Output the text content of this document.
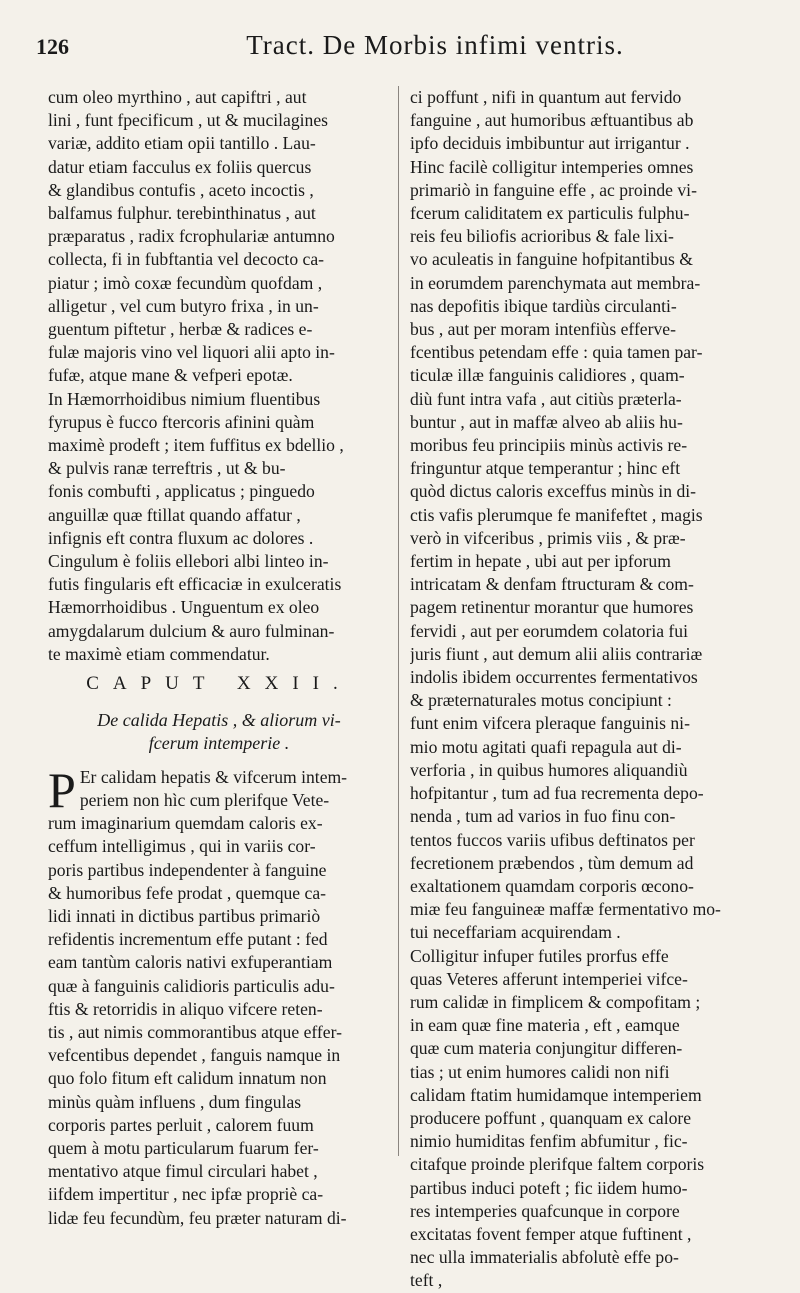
126	Tract. De Morbis infimi ventris.
cum oleo myrthino , aut capiftri , aut
lini , funt fpecificum , ut & mucilagines
variæ, addito etiam opii tantillo . Lau-
datur etiam facculus ex foliis quercus
& glandibus contufis , aceto incoctis ,
balfamus fulphur. terebinthinatus , aut
præparatus , radix fcrophulariæ antumno
collecta, fi in fubftantia vel decocto ca-
piatur ; imò coxæ fecundùm quofdam ,
alligetur , vel cum butyro frixa , in un-
guentum piftetur , herbæ & radices e-
fulæ majoris vino vel liquori alii apto in-
fufæ, atque mane & vefperi epotæ.
In Hæmorrhoidibus nimium fluentibus
fyrupus è fucco ftercoris afinini quàm
maximè prodeft ; item fuffitus ex bdellio ,
& pulvis ranæ terreftris , ut & bu-
fonis combufti , applicatus ; pinguedo
anguillæ quæ ftillat quando affatur ,
infignis eft contra fluxum ac dolores .
Cingulum è foliis ellebori albi linteo in-
futis fingularis eft efficaciæ in exulceratis
Hæmorrhoidibus . Unguentum ex oleo
amygdalarum dulcium & auro fulminan-
te maximè etiam commendatur.
CAPUT XXII.
De calida Hepatis , & aliorum vi-
fcerum intemperie .
P Er calidam hepatis & vifcerum intem-
periem non hìc cum plerifque Vete-
rum imaginarium quemdam caloris ex-
ceffum intelligimus , qui in variis cor-
poris partibus independenter à fanguine
& humoribus fefe prodat , quemque ca-
lidi innati in dictibus partibus primariò
refidentis incrementum effe putant : fed
eam tantùm caloris nativi exfuperantiam
quæ à fanguinis calidioris particulis adu-
ftis & retorridis in aliquo vifcere reten-
tis , aut nimis commorantibus atque effer-
vefcentibus dependet , fanguis namque in
quo folo fitum eft calidum innatum non
minùs quàm influens , dum fingulas
corporis partes perluit , calorem fuum
quem à motu particularum fuarum fer-
mentativo atque fimul circulari habet ,
iifdem impertitur , nec ipfæ propriè ca-
lidæ feu fecundùm, feu præter naturam di-
ci poffunt , nifi in quantum aut fervido
fanguine , aut humoribus æftuantibus ab
ipfo deciduis imbibuntur aut irrigantur .
Hinc facilè colligitur intemperies omnes
primariò in fanguine effe , ac proinde vi-
fcerum caliditatem ex particulis fulphu-
reis feu biliofis acrioribus & fale lixi-
vo aculeatis in fanguine hofpitantibus &
in eorumdem parenchymata aut membra-
nas depofitis ibique tardiùs circulanti-
bus , aut per moram intenfiùs efferve-
fcentibus petendam effe : quia tamen par-
ticulæ illæ fanguinis calidiores , quam-
diù funt intra vafa , aut citiùs præterla-
buntur , aut in maffæ alveo ab aliis hu-
moribus feu principiis minùs activis re-
fringuntur atque temperantur ; hinc eft
quòd dictus caloris exceffus minùs in di-
ctis vafis plerumque fe manifeftet , magis
verò in vifceribus , primis viis , & præ-
fertim in hepate , ubi aut per ipforum
intricatam & denfam ftructuram & com-
pagem retinentur morantur que humores
fervidi , aut per eorumdem colatoria fui
juris fiunt , aut demum alii aliis contrariæ
indolis ibidem occurrentes fermentativos
& præternaturales motus concipiunt :
funt enim vifcera pleraque fanguinis ni-
mio motu agitati quafi repagula aut di-
verforia , in quibus humores aliquandiù
hofpitantur , tum ad fua recrementa depo-
nenda , tum ad varios in fuo finu con-
tentos fuccos variis ufibus deftinatos per
fecretionem præbendos , tùm demum ad
exaltationem quamdam corporis œcono-
miæ feu fanguineæ maffæ fermentativo mo-
tui neceffariam acquirendam .
Colligitur infuper futiles prorfus effe
quas Veteres afferunt intemperiei vifce-
rum calidæ in fimplicem & compofitam ;
in eam quæ fine materia , eft , eamque
quæ cum materia conjungitur differen-
tias ; ut enim humores calidi non nifi
calidam ftatim humidamque intemperiem
producere poffunt , quanquam ex calore
nimio humiditas fenfim abfumitur , fic-
citafque proinde plerifque faltem corporis
partibus induci poteft ; fic iidem humo-
res intemperies quafcunque in corpore
excitatas fovent femper atque fuftinent ,
nec ulla immaterialis abfolutè effe po-
teft ,
